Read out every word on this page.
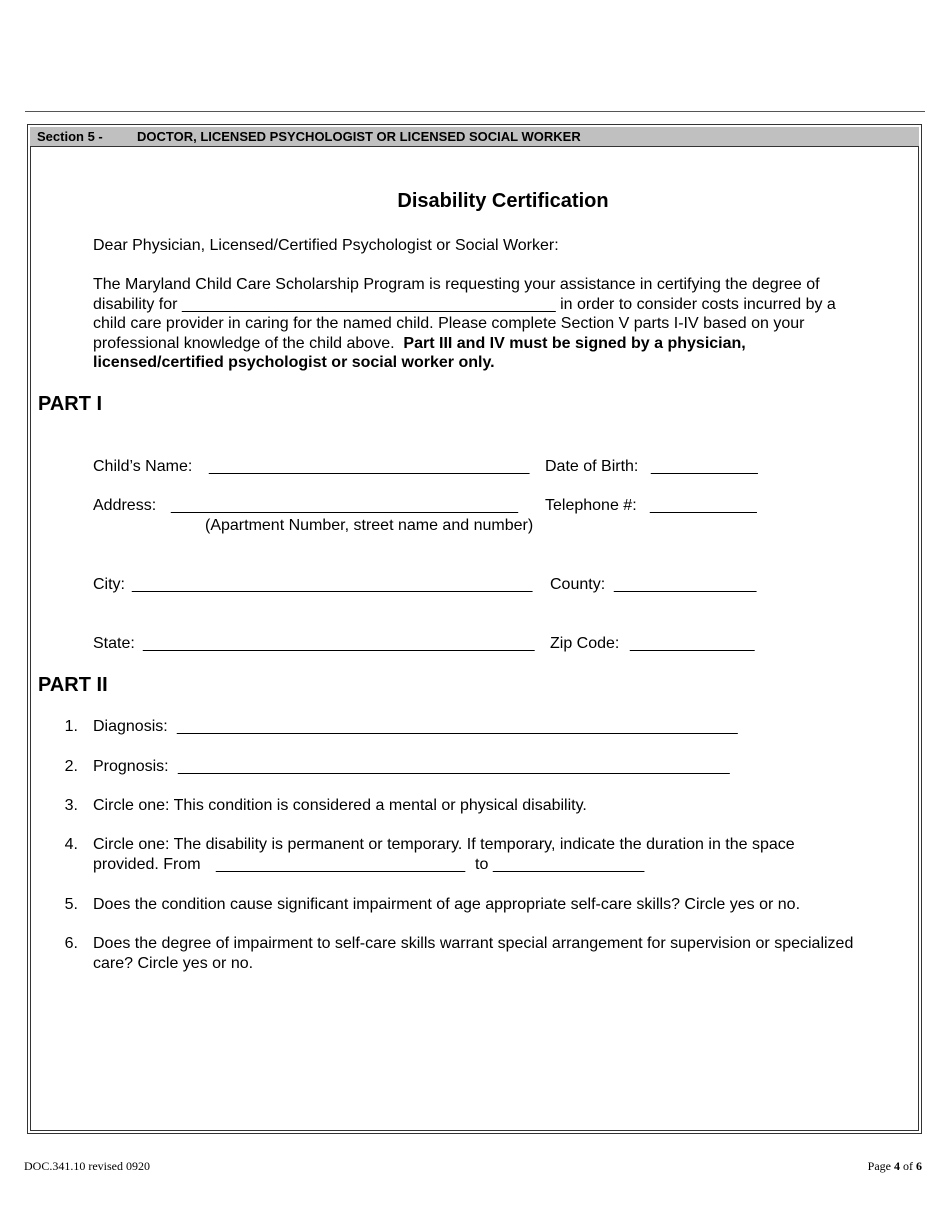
Section 5 -	DOCTOR, LICENSED PSYCHOLOGIST OR LICENSED SOCIAL WORKER
Disability Certification
Dear Physician, Licensed/Certified Psychologist or Social Worker:
The Maryland Child Care Scholarship Program is requesting your assistance in certifying the degree of
disability for __________________________________________ in order to consider costs incurred by a
child care provider in caring for the named child. Please complete Section V parts I-IV based on your
professional knowledge of the child above. Part III and IV must be signed by a physician,
licensed/certified psychologist or social worker only.
PART I
Child’s Name: ____________________________________ Date of Birth: ____________
Address: _______________________________________ Telephone #: ____________
(Apartment Number, street name and number)
City: _____________________________________________ County: ________________
State: ____________________________________________ Zip Code: ______________
PART II
1. Diagnosis: _______________________________________________________________
2. Prognosis: ______________________________________________________________
3. Circle one: This condition is considered a mental or physical disability.
4. Circle one: The disability is permanent or temporary. If temporary, indicate the duration in the space
provided. From ____________________________ to _________________
5. Does the condition cause significant impairment of age appropriate self-care skills? Circle yes or no.
6. Does the degree of impairment to self-care skills warrant special arrangement for supervision or specialized
care? Circle yes or no.
DOC.341.10 revised 0920	Page 4 of 6
